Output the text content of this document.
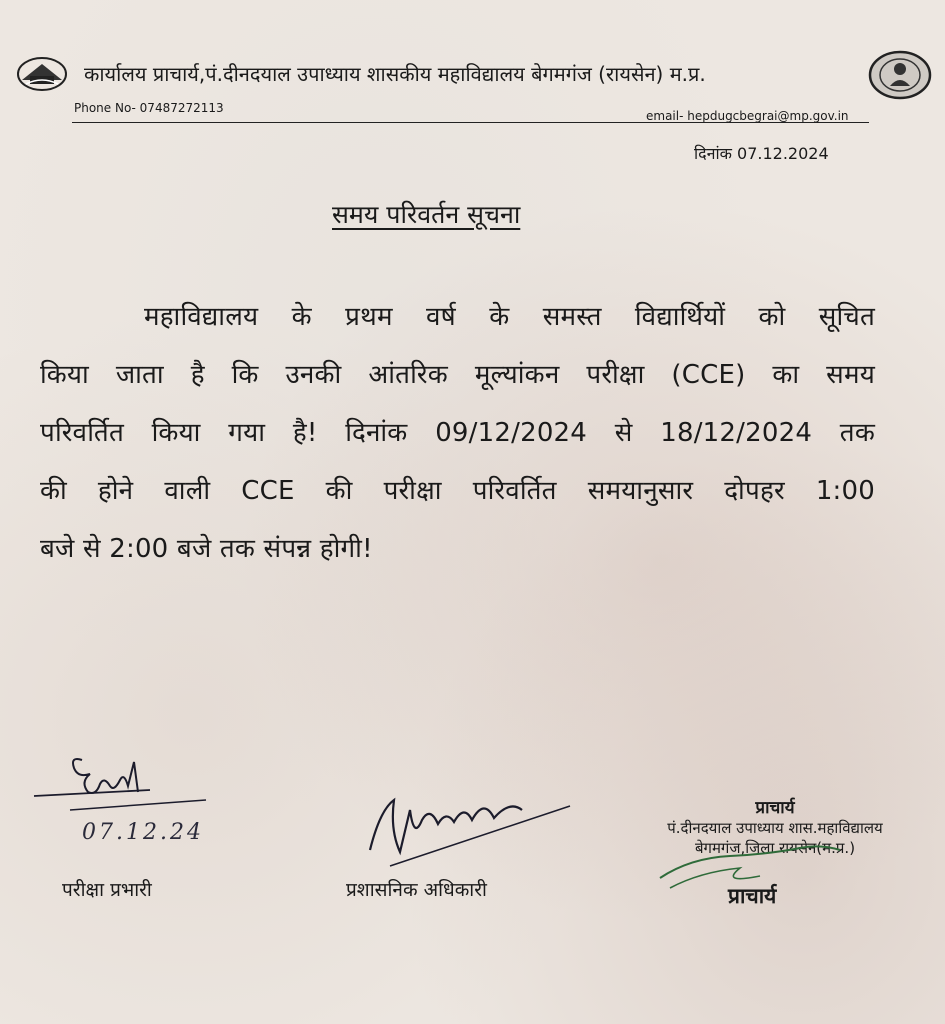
कार्यालय प्राचार्य,पं.दीनदयाल उपाध्याय शासकीय महाविद्यालय बेगमगंज (रायसेन) म.प्र.
Phone No- 07487272113
email- hepdugcbegrai@mp.gov.in
दिनांक 07.12.2024
समय परिवर्तन सूचना
महाविद्यालय के प्रथम वर्ष के समस्त विद्यार्थियों को सूचित
किया जाता है कि उनकी आंतरिक मूल्यांकन परीक्षा (CCE) का समय
परिवर्तित किया गया है! दिनांक 09/12/2024 से 18/12/2024 तक
की होने वाली CCE की परीक्षा परिवर्तित समयानुसार दोपहर 1:00
बजे से 2:00 बजे तक संपन्न होगी!
07.12.24
परीक्षा प्रभारी	प्रशासनिक अधिकारी
प्राचार्य
पं.दीनदयाल उपाध्याय शास.महाविद्यालय
बेगमगंज,जिला रायसेन(म.प्र.)
प्राचार्य
